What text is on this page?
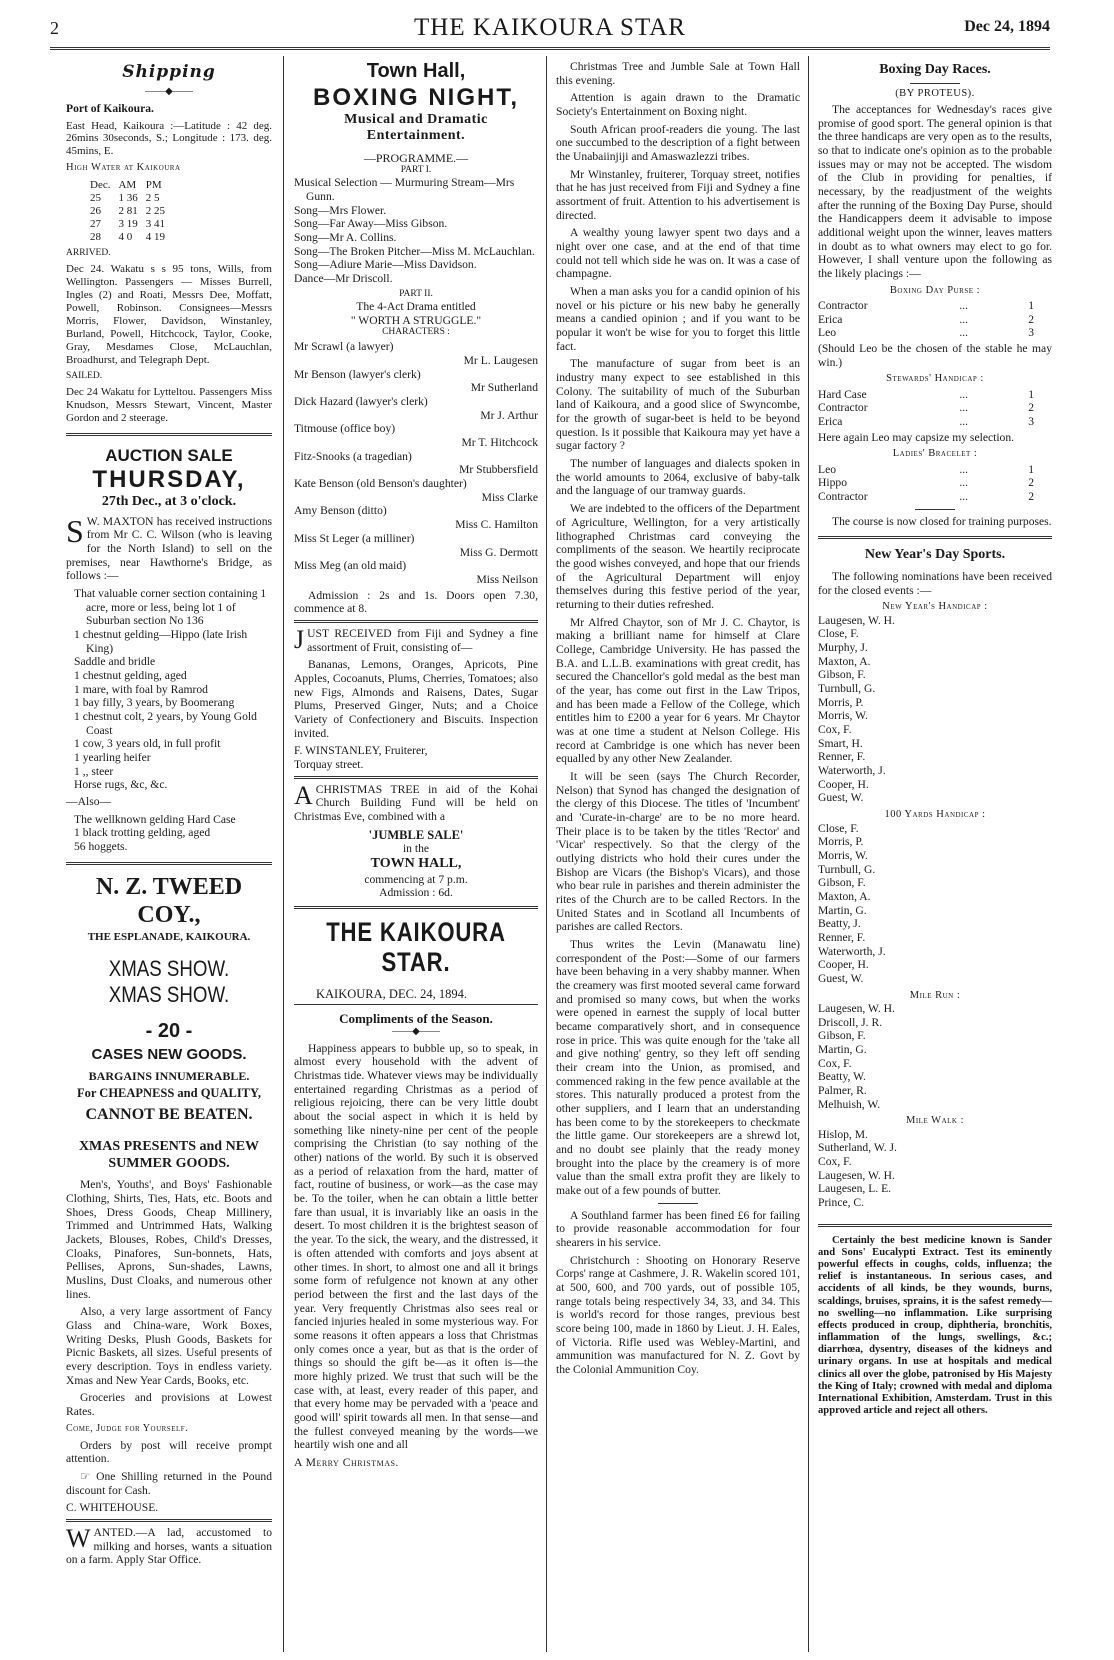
2	THE KAIKOURA STAR	Dec 24, 1894
Shipping
——◆——

Port of Kaikoura.

East Head, Kaikoura :—Latitude : 42 deg. 26mins 30seconds, S.; Longitude : 173. deg. 45mins, E.

High Water at Kaikoura

Dec.	AM	PM
25	1 36	2 5
26	2 81	2 25
27	3 19	3 41
28	4 0	4 19

ARRIVED.

Dec 24. Wakatu s s 95 tons, Wills, from Wellington. Passengers — Misses Burrell, Ingles (2) and Roati, Messrs Dee, Moffatt, Powell, Robinson. Consignees—Messrs Morris, Flower, Davidson, Winstanley, Burland, Powell, Hitchcock, Taylor, Cooke, Gray, Mesdames Close, McLauchlan, Broadhurst, and Telegraph Dept.

SAILED.

Dec 24 Wakatu for Lytteltou. Passengers Miss Knudson, Messrs Stewart, Vincent, Master Gordon and 2 steerage.

AUCTION SALE
THURSDAY,
27th Dec., at 3 o'clock.

S W. MAXTON has received instructions from Mr C. C. Wilson (who is leaving for the North Island) to sell on the premises, near Hawthorne's Bridge, as follows :—

That valuable corner section containing 1 acre, more or less, being lot 1 of Suburban section No 136
1 chestnut gelding—Hippo (late Irish King)
Saddle and bridle
1 chestnut gelding, aged
1 mare, with foal by Ramrod
1 bay filly, 3 years, by Boomerang
1 chestnut colt, 2 years, by Young Gold Coast
1 cow, 3 years old, in full profit
1 yearling heifer
1 ,, steer
Horse rugs, &c, &c.

—Also—

The wellknown gelding Hard Case
1 black trotting gelding, aged
56 hoggets.
N. Z. TWEED COY.,
THE ESPLANADE, KAIKOURA.
XMAS SHOW. XMAS SHOW.
- 20 -
CASES NEW GOODS.
BARGAINS INNUMERABLE.
For CHEAPNESS and QUALITY,
CANNOT BE BEATEN.
XMAS PRESENTS and NEW SUMMER GOODS.

Men's, Youths', and Boys' Fashionable Clothing, Shirts, Ties, Hats, etc. Boots and Shoes, Dress Goods, Cheap Millinery, Trimmed and Untrimmed Hats, Walking Jackets, Blouses, Robes, Child's Dresses, Cloaks, Pinafores, Sun-bonnets, Hats, Pellises, Aprons, Sun-shades, Lawns, Muslins, Dust Cloaks, and numerous other lines.

Also, a very large assortment of Fancy Glass and China-ware, Work Boxes, Writing Desks, Plush Goods, Baskets for Picnic Baskets, all sizes. Useful presents of every description. Toys in endless variety. Xmas and New Year Cards, Books, etc.

Groceries and provisions at Lowest Rates.

Come, Judge for Yourself.

Orders by post will receive prompt attention.

☞ One Shilling returned in the Pound discount for Cash.

C. WHITEHOUSE.

WANTED.—A lad, accustomed to milking and horses, wants a situation on a farm. Apply Star Office.

Town Hall,
BOXING NIGHT,
Musical and Dramatic Entertainment.
—PROGRAMME.—
PART I.
Musical Selection — Murmuring Stream—Mrs Gunn.
Song—Mrs Flower.
Song—Far Away—Miss Gibson.
Song—Mr A. Collins.
Song—The Broken Pitcher—Miss M. McLauchlan.
Song—Adiure Marie—Miss Davidson.
Dance—Mr Driscoll.
PART II.
The 4-Act Drama entitled
" WORTH A STRUGGLE."
CHARACTERS :
Mr Scrawl (a lawyer)
Mr L. Laugesen
Mr Benson (lawyer's clerk)
Mr Sutherland
Dick Hazard (lawyer's clerk)
Mr J. Arthur
Titmouse (office boy)
Mr T. Hitchcock
Fitz-Snooks (a tragedian)
Mr Stubbersfield
Kate Benson (old Benson's daughter)
Miss Clarke
Amy Benson (ditto)
Miss C. Hamilton
Miss St Leger (a milliner)
Miss G. Dermott
Miss Meg (an old maid)
Miss Neilson

Admission : 2s and 1s. Doors open 7.30, commence at 8.

JUST RECEIVED from Fiji and Sydney a fine assortment of Fruit, consisting of—

Bananas, Lemons, Oranges, Apricots, Pine Apples, Cocoanuts, Plums, Cherries, Tomatoes; also new Figs, Almonds and Raisens, Dates, Sugar Plums, Preserved Ginger, Nuts; and a Choice Variety of Confectionery and Biscuits. Inspection invited.

F. WINSTANLEY, Fruiterer,

Torquay street.

ACHRISTMAS TREE in aid of the Kohai Church Building Fund will be held on Christmas Eve, combined with a

'JUMBLE SALE'
in the
TOWN HALL,
commencing at 7 p.m.
Admission : 6d.
THE KAIKOURA STAR.
KAIKOURA, DEC. 24, 1894.
Compliments of the Season.
——◆——

Happiness appears to bubble up, so to speak, in almost every household with the advent of Christmas tide. Whatever views may be individually entertained regarding Christmas as a period of religious rejoicing, there can be very little doubt about the social aspect in which it is held by something like ninety-nine per cent of the people comprising the Christian (to say nothing of the other) nations of the world. By such it is observed as a period of relaxation from the hard, matter of fact, routine of business, or work—as the case may be. To the toiler, when he can obtain a little better fare than usual, it is invariably like an oasis in the desert. To most children it is the brightest season of the year. To the sick, the weary, and the distressed, it is often attended with comforts and joys absent at other times. In short, to almost one and all it brings some form of refulgence not known at any other period between the first and the last days of the year. Very frequently Christmas also sees real or fancied injuries healed in some mysterious way. For some reasons it often appears a loss that Christmas only comes once a year, but as that is the order of things so should the gift be—as it often is—the more highly prized. We trust that such will be the case with, at least, every reader of this paper, and that every home may be pervaded with a 'peace and good will' spirit towards all men. In that sense—and the fullest conveyed meaning by the words—we heartily wish one and all

A Merry Christmas.

Christmas Tree and Jumble Sale at Town Hall this evening.

Attention is again drawn to the Dramatic Society's Entertainment on Boxing night.

South African proof-readers die young. The last one succumbed to the description of a fight between the Unabaiinjiji and Amaswazlezzi tribes.

Mr Winstanley, fruiterer, Torquay street, notifies that he has just received from Fiji and Sydney a fine assortment of fruit. Attention to his advertisement is directed.

A wealthy young lawyer spent two days and a night over one case, and at the end of that time could not tell which side he was on. It was a case of champagne.

When a man asks you for a candid opinion of his novel or his picture or his new baby he generally means a candied opinion ; and if you want to be popular it won't be wise for you to forget this little fact.

The manufacture of sugar from beet is an industry many expect to see established in this Colony. The suitability of much of the Suburban land of Kaikoura, and a good slice of Swyncombe, for the growth of sugar-beet is held to be beyond question. Is it possible that Kaikoura may yet have a sugar factory ?

The number of languages and dialects spoken in the world amounts to 2064, exclusive of baby-talk and the language of our tramway guards.

We are indebted to the officers of the Department of Agriculture, Wellington, for a very artistically lithographed Christmas card conveying the compliments of the season. We heartily reciprocate the good wishes conveyed, and hope that our friends of the Agricultural Department will enjoy themselves during this festive period of the year, returning to their duties refreshed.

Mr Alfred Chaytor, son of Mr J. C. Chaytor, is making a brilliant name for himself at Clare College, Cambridge University. He has passed the B.A. and L.L.B. examinations with great credit, has secured the Chancellor's gold medal as the best man of the year, has come out first in the Law Tripos, and has been made a Fellow of the College, which entitles him to £200 a year for 6 years. Mr Chaytor was at one time a student at Nelson College. His record at Cambridge is one which has never been equalled by any other New Zealander.

It will be seen (says The Church Recorder, Nelson) that Synod has changed the designation of the clergy of this Diocese. The titles of 'Incumbent' and 'Curate-in-charge' are to be no more heard. Their place is to be taken by the titles 'Rector' and 'Vicar' respectively. So that the clergy of the outlying districts who hold their cures under the Bishop are Vicars (the Bishop's Vicars), and those who bear rule in parishes and therein administer the rites of the Church are to be called Rectors. In the United States and in Scotland all Incumbents of parishes are called Rectors.

Thus writes the Levin (Manawatu line) correspondent of the Post:—Some of our farmers have been behaving in a very shabby manner. When the creamery was first mooted several came forward and promised so many cows, but when the works were opened in earnest the supply of local butter became comparatively short, and in consequence rose in price. This was quite enough for the 'take all and give nothing' gentry, so they left off sending their cream into the Union, as promised, and commenced raking in the few pence available at the stores. This naturally produced a protest from the other suppliers, and I learn that an understanding has been come to by the storekeepers to checkmate the little game. Our storekeepers are a shrewd lot, and no doubt see plainly that the ready money brought into the place by the creamery is of more value than the small extra profit they are likely to make out of a few pounds of butter.

A Southland farmer has been fined £6 for failing to provide reasonable accommodation for four shearers in his service.

Christchurch : Shooting on Honorary Reserve Corps' range at Cashmere, J. R. Wakelin scored 101, at 500, 600, and 700 yards, out of possible 105, range totals being respectively 34, 33, and 34. This is world's record for those ranges, previous best score being 100, made in 1860 by Lieut. J. H. Eales, of Victoria. Rifle used was Webley-Martini, and ammunition was manufactured for N. Z. Govt by the Colonial Ammunition Coy.

Boxing Day Races.
(BY PROTEUS).

The acceptances for Wednesday's races give promise of good sport. The general opinion is that the three handicaps are very open as to the results, so that to indicate one's opinion as to the probable issues may or may not be accepted. The wisdom of the Club in providing for penalties, if necessary, by the readjustment of the weights after the running of the Boxing Day Purse, should the Handicappers deem it advisable to impose additional weight upon the winner, leaves matters in doubt as to what owners may elect to go for. However, I shall venture upon the following as the likely placings :—

Boxing Day Purse :
Contractor	...	1
Erica	...	2
Leo	...	3

(Should Leo be the chosen of the stable he may win.)

Stewards' Handicap :
Hard Case	...	1
Contractor	...	2
Erica	...	3

Here again Leo may capsize my selection.

Ladies' Bracelet :
Leo	...	1
Hippo	...	2
Contractor	...	2

The course is now closed for training purposes.

New Year's Day Sports.

The following nominations have been received for the closed events :—

New Year's Handicap :
Laugesen, W. H.
Close, F.
Murphy, J.
Maxton, A.
Gibson, F.
Turnbull, G.
Morris, P.
Morris, W.
Cox, F.
Smart, H.
Renner, F.
Waterworth, J.
Cooper, H.
Guest, W.
100 Yards Handicap :
Close, F.
Morris, P.
Morris, W.
Turnbull, G.
Gibson, F.
Maxton, A.
Martin, G.
Beatty, J.
Renner, F.
Waterworth, J.
Cooper, H.
Guest, W.
Mile Run :
Laugesen, W. H.
Driscoll, J. R.
Gibson, F.
Martin, G.
Cox, F.
Beatty, W.
Palmer, R.
Melhuish, W.
Mile Walk :
Hislop, M.
Sutherland, W. J.
Cox, F.
Laugesen, W. H.
Laugesen, L. E.
Prince, C.

Certainly the best medicine known is Sander and Sons' Eucalypti Extract. Test its eminently powerful effects in coughs, colds, influenza; the relief is instantaneous. In serious cases, and accidents of all kinds, be they wounds, burns, scaldings, bruises, sprains, it is the safest remedy—no swelling—no inflammation. Like surprising effects produced in croup, diphtheria, bronchitis, inflammation of the lungs, swellings, &c.; diarrhœa, dysentry, diseases of the kidneys and urinary organs. In use at hospitals and medical clinics all over the globe, patronised by His Majesty the King of Italy; crowned with medal and diploma International Exhibition, Amsterdam. Trust in this approved article and reject all others.
